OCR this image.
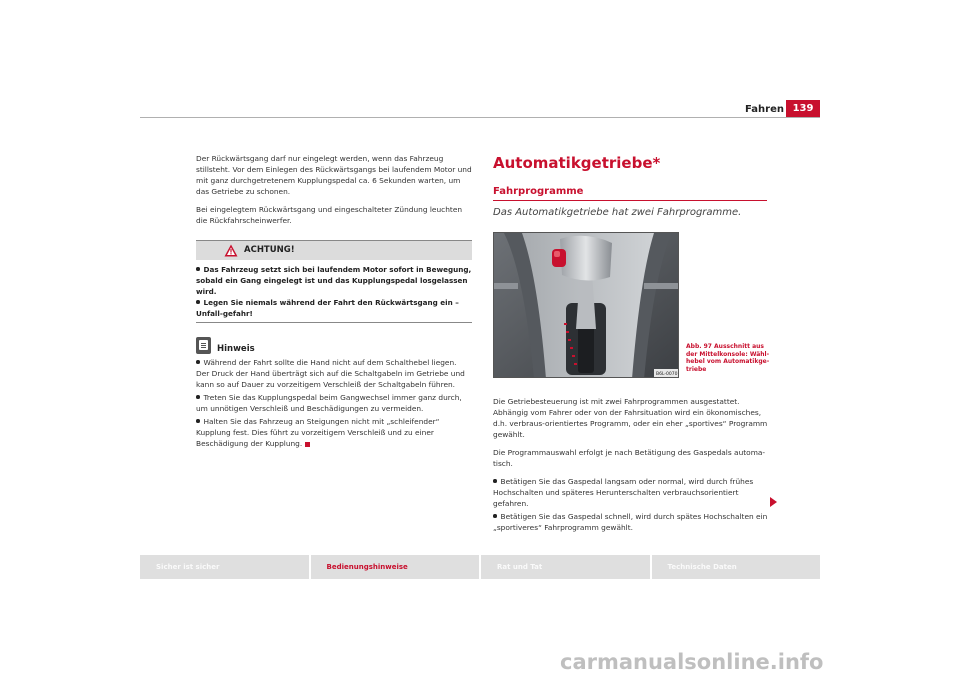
Fahren 139
Der Rückwärtsgang darf nur eingelegt werden, wenn das Fahrzeug stillsteht. Vor dem Einlegen des Rückwärtsgangs bei laufendem Motor und mit ganz durchgetretenem Kupplungspedal ca. 6 Sekunden warten, um das Getriebe zu schonen.
Bei eingelegtem Rückwärtsgang und eingeschalteter Zündung leuchten die Rückfahrscheinwerfer.
ACHTUNG!
Das Fahrzeug setzt sich bei laufendem Motor sofort in Bewegung, sobald ein Gang eingelegt ist und das Kupplungspedal losgelassen wird.
Legen Sie niemals während der Fahrt den Rückwärtsgang ein – Unfall-gefahr!
Hinweis
Während der Fahrt sollte die Hand nicht auf dem Schalthebel liegen. Der Druck der Hand überträgt sich auf die Schaltgabeln im Getriebe und kann so auf Dauer zu vorzeitigem Verschleiß der Schaltgabeln führen.
Treten Sie das Kupplungspedal beim Gangwechsel immer ganz durch, um unnötigen Verschleiß und Beschädigungen zu vermeiden.
Halten Sie das Fahrzeug an Steigungen nicht mit „schleifender“ Kupplung fest. Dies führt zu vorzeitigem Verschleiß und zu einer Beschädigung der Kupplung.
Automatikgetriebe*
Fahrprogramme
Das Automatikgetriebe hat zwei Fahrprogramme.
B6L-0070
Abb. 97 Ausschnitt aus der Mittelkonsole: Wähl-hebel vom Automatikge-triebe
Die Getriebesteuerung ist mit zwei Fahrprogrammen ausgestattet. Abhängig vom Fahrer oder von der Fahrsituation wird ein ökonomisches, d.h. verbraus-orientiertes Programm, oder ein eher „sportives“ Programm gewählt.
Die Programmauswahl erfolgt je nach Betätigung des Gaspedals automa-tisch.
Betätigen Sie das Gaspedal langsam oder normal, wird durch frühes Hochschalten und späteres Herunterschalten verbrauchsorientiert gefahren.
Betätigen Sie das Gaspedal schnell, wird durch spätes Hochschalten ein „sportiveres“ Fahrprogramm gewählt.
Sicher ist sicher	Bedienungshinweise	Rat und Tat	Technische Daten
carmanualsonline.info
